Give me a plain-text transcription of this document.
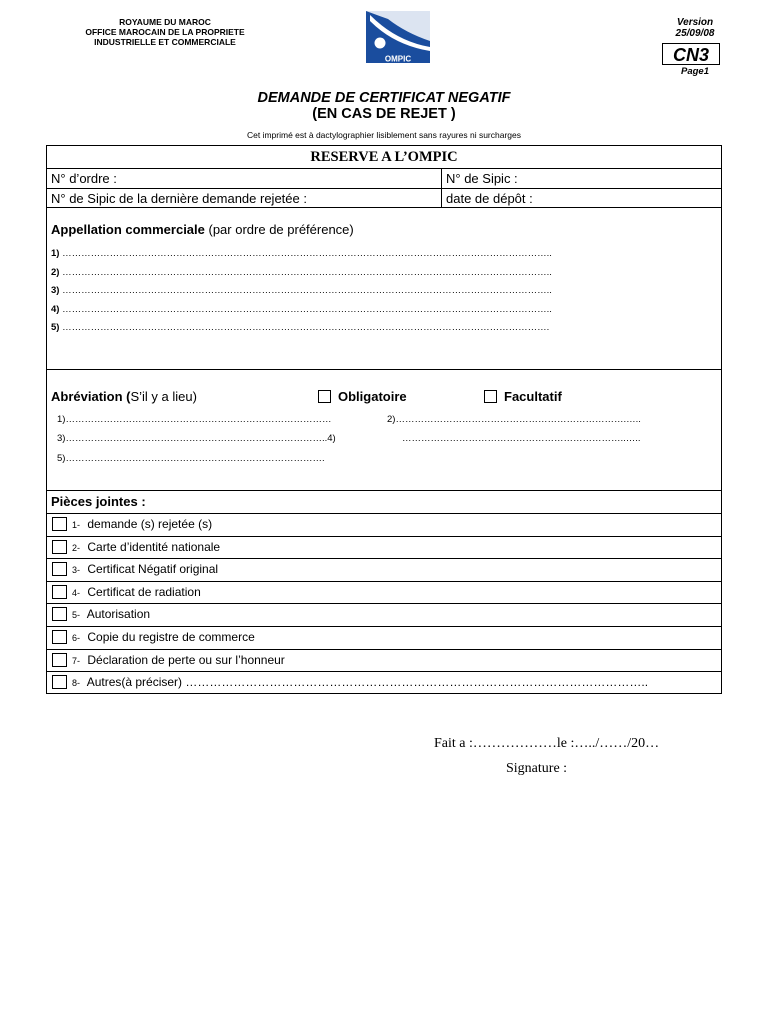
ROYAUME DU MAROC
OFFICE MAROCAIN DE LA PROPRIETE
INDUSTRIELLE ET COMMERCIALE
OMPIC
Version
25/09/08
CN3
Page1
DEMANDE DE CERTIFICAT NEGATIF
(EN CAS DE REJET )
Cet imprimé est à dactylographier lisiblement sans rayures ni surcharges
RESERVE A L’OMPIC
N° d’ordre :	N° de Sipic :
N° de Sipic de la dernière demande rejetée :	date de dépôt :
Appellation commerciale (par ordre de préférence)
1) ………………………………………………………………………………………………………………………………………..
2) ………………………………………………………………………………………………………………………………………..
3) ………………………………………………………………………………………………………………………………………..
4) ………………………………………………………………………………………………………………………………………..
5) ……………………………………………………………………………………………………………………………………….
Abréviation (S’il y a lieu)	Obligatoire	Facultatif
1)…………………………………………………………………………	2)……………………………………………………………….…..
3)………………………………………………………………………..4)	……………………………………………………………..…..
5)……………………………………………………………………….
Pièces jointes :
1- demande (s) rejetée (s)
2- Carte d’identité nationale
3- Certificat Négatif original
4- Certificat de radiation
5- Autorisation
6- Copie du registre de commerce
7- Déclaration de perte ou sur l’honneur
8- Autres(à préciser) ……………………………………………………………………………………………………..
Fait a :………………le :…../……/20…
Signature :
